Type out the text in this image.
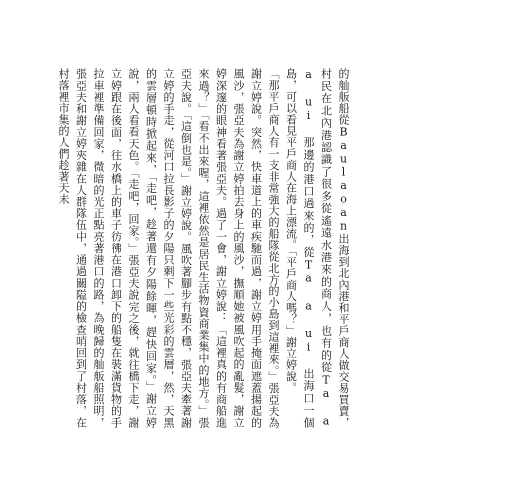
的舢舨船從Baulaoan出海到北內港和平戶商人做交易買賣，村民在北內港認識了很多從遙遠水港來的商人，也有的從Ta a a ui 那邊的港口過來的，從Ta a ui 出海口一個島，可以看見平戶商人在海上漂流。「平戶商人嗎？」謝立婷說。

「那平戶商人有一支非常強大的船隊從北方的小島到這裡來。」張亞夫為謝立婷說。突然，快車道上的車疾馳而過，謝立婷用手掩面遮蓋揚起的風沙，張亞夫為謝立婷拍去身上的風沙，撫順她被風吹起的亂髮，謝立婷深邃的眼神看著張亞夫。過了一會，謝立婷說：「這裡真的有商船進來過？」「看不出來喔，這裡依然是居民生活物資商業集中的地方。」張亞夫說。「這倒也是。」謝立婷說。風吹著腳步有點不穩，張亞夫牽著謝立婷的手走，從河口拉長影子的夕陽只剩下一些光彩的雲層，然，天黑的雲層頓時掀起來，「走吧，趁著還有夕陽餘暉，趕快回家。」謝立婷說，兩人看看天色。「走吧，回家。」張亞夫說完之後，就往橋下走，謝立婷跟在後面，往水橋上的車子彷彿在港口卸下的船隻在裝滿貨物的手拉車裡準備回家，微暗的光正點亮著港口的路，為晚歸的舢舨船照明，張亞夫和謝立婷夾雜在人群隊伍中，通過關隘的檢查哨回到了村落，在村落裡市集的人們趁著天未
